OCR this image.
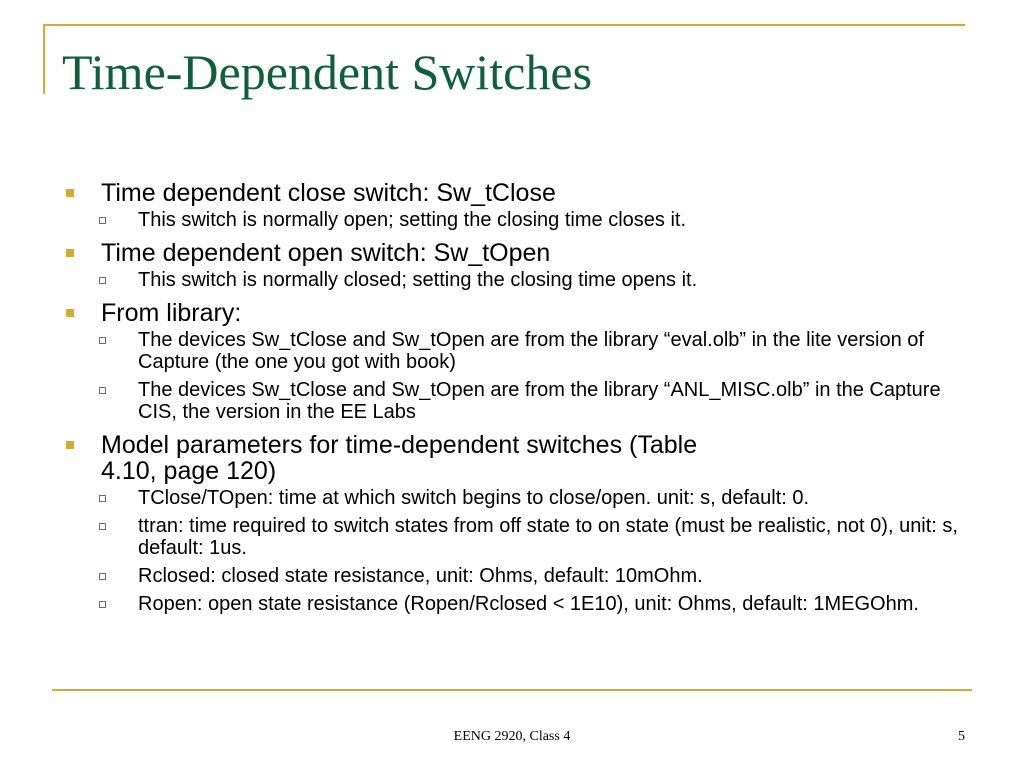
Time-Dependent Switches
Time dependent close switch: Sw_tClose
This switch is normally open; setting the closing time closes it.
Time dependent open switch: Sw_tOpen
This switch is normally closed; setting the closing time opens it.
From library:
The devices Sw_tClose and Sw_tOpen are from the library “eval.olb” in the lite version of Capture (the one you got with book)
The devices Sw_tClose and Sw_tOpen are from the library “ANL_MISC.olb” in the Capture CIS, the version in the EE Labs
Model parameters for time-dependent switches (Table 4.10, page 120)
TClose/TOpen: time at which switch begins to close/open. unit: s, default: 0.
ttran: time required to switch states from off state to on state (must be realistic, not 0), unit: s, default: 1us.
Rclosed: closed state resistance, unit: Ohms, default: 10mOhm.
Ropen: open state resistance (Ropen/Rclosed < 1E10), unit: Ohms, default: 1MEGOhm.
EENG 2920, Class 4	5
